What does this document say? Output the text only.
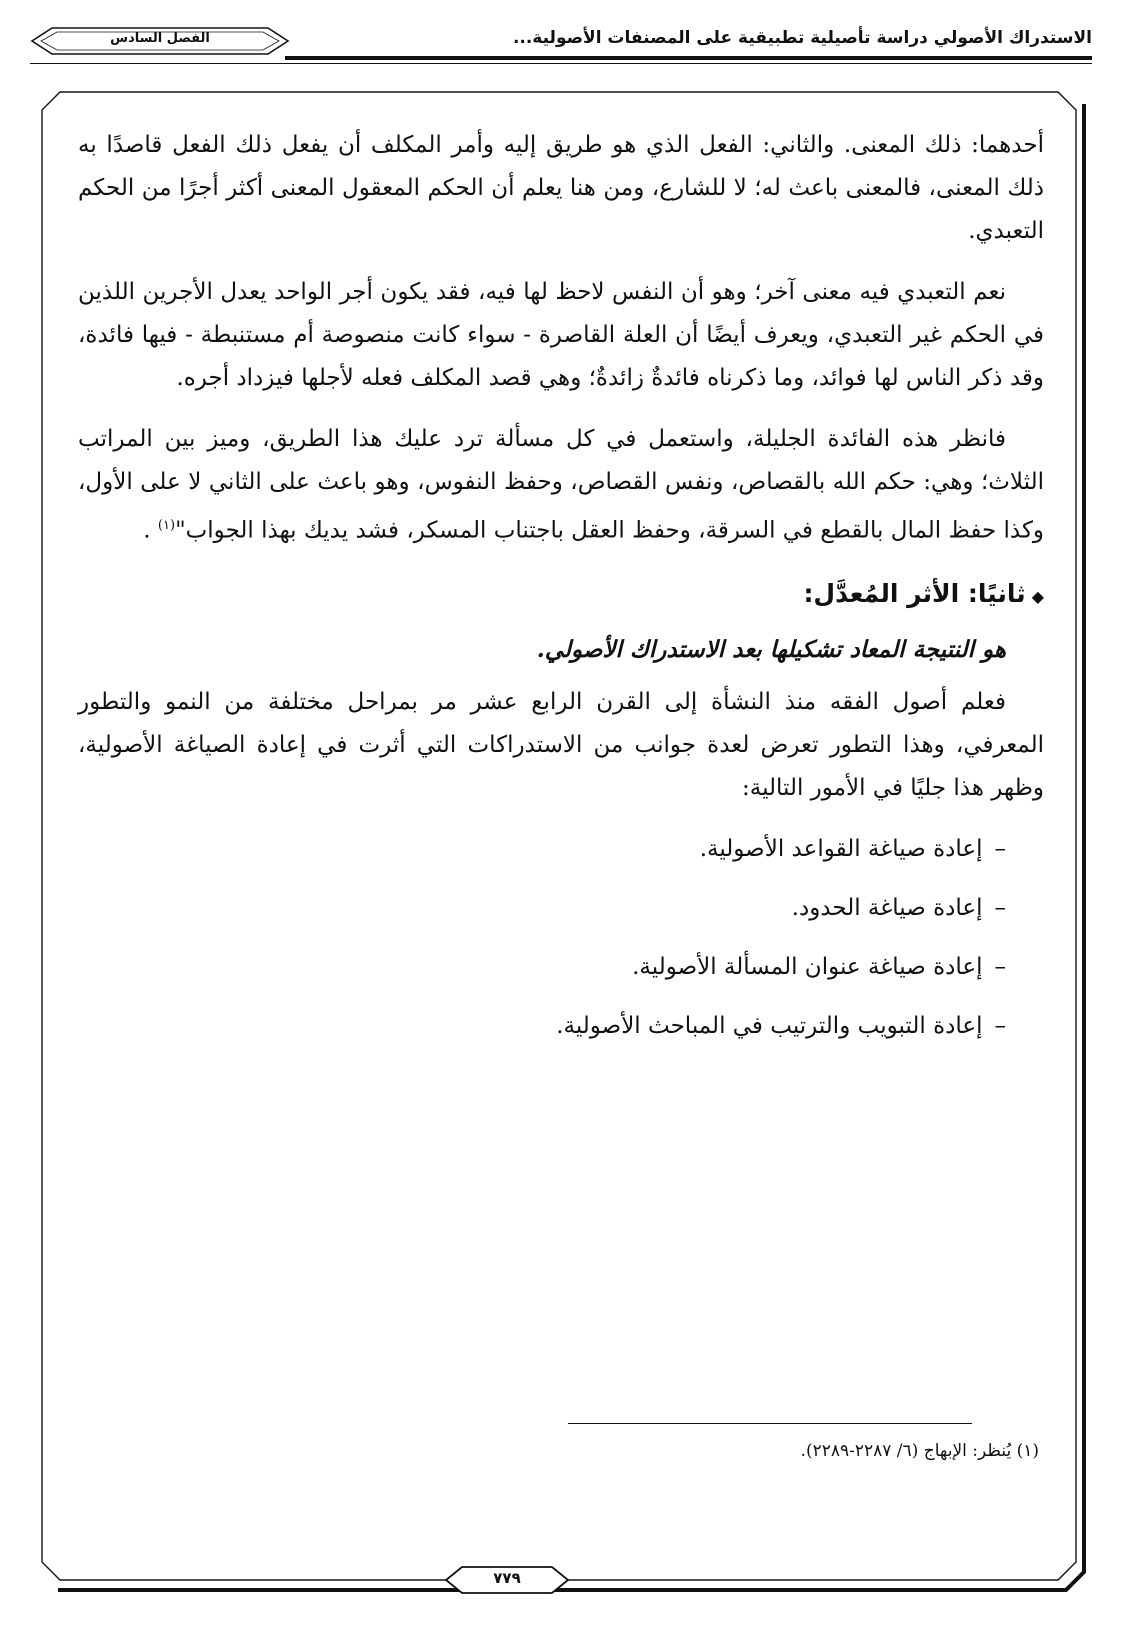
الاستدراك الأصولي دراسة تأصيلية تطبيقية على المصنفات الأصولية...
الفصل السادس

أحدهما: ذلك المعنى. والثاني: الفعل الذي هو طريق إليه وأمر المكلف أن يفعل ذلك الفعل قاصدًا به ذلك المعنى، فالمعنى باعث له؛ لا للشارع، ومن هنا يعلم أن الحكم المعقول المعنى أكثر أجرًا من الحكم التعبدي.

نعم التعبدي فيه معنى آخر؛ وهو أن النفس لاحظ لها فيه، فقد يكون أجر الواحد يعدل الأجرين اللذين في الحكم غير التعبدي، ويعرف أيضًا أن العلة القاصرة - سواء كانت منصوصة أم مستنبطة - فيها فائدة، وقد ذكر الناس لها فوائد، وما ذكرناه فائدةٌ زائدةٌ؛ وهي قصد المكلف فعله لأجلها فيزداد أجره.

فانظر هذه الفائدة الجليلة، واستعمل في كل مسألة ترد عليك هذا الطريق، وميز بين المراتب الثلاث؛ وهي: حكم الله بالقصاص، ونفس القصاص، وحفظ النفوس، وهو باعث على الثاني لا على الأول، وكذا حفظ المال بالقطع في السرقة، وحفظ العقل باجتناب المسكر، فشد يديك بهذا الجواب"$^{(١)}$ .

◆ثانيًا: الأثر المُعدَّل:

هو النتيجة المعاد تشكيلها بعد الاستدراك الأصولي.

فعلم أصول الفقه منذ النشأة إلى القرن الرابع عشر مر بمراحل مختلفة من النمو والتطور المعرفي، وهذا التطور تعرض لعدة جوانب من الاستدراكات التي أثرت في إعادة الصياغة الأصولية، وظهر هذا جليًا في الأمور التالية:

–إعادة صياغة القواعد الأصولية.
–إعادة صياغة الحدود.
–إعادة صياغة عنوان المسألة الأصولية.
–إعادة التبويب والترتيب في المباحث الأصولية.
(١) يُنظر: الإبهاج (٦/ ٢٢٨٧-٢٢٨٩).
٧٧٩
